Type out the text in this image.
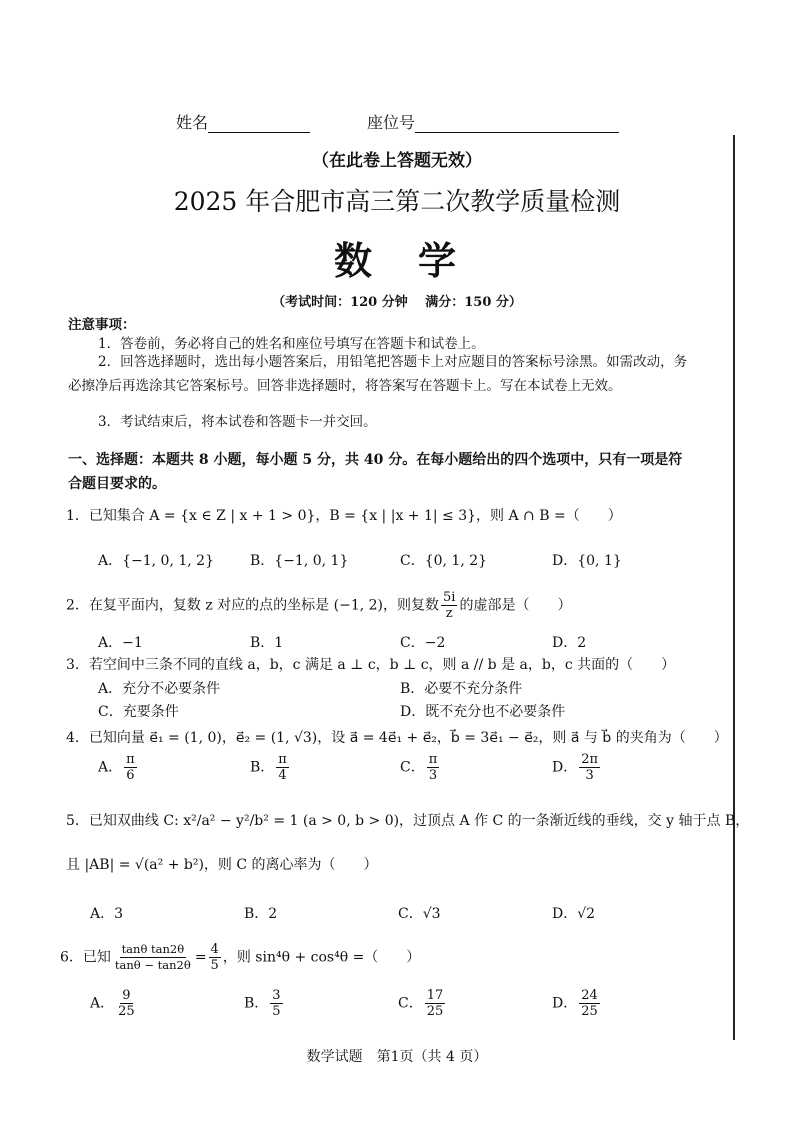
姓名	座位号
（在此卷上答题无效）
2025 年合肥市高三第二次教学质量检测
数　学
（考试时间：120 分钟　 满分：150 分）
注意事项：
1．答卷前，务必将自己的姓名和座位号填写在答题卡和试卷上。
2．回答选择题时，选出每小题答案后，用铅笔把答题卡上对应题目的答案标号涂黑。如需改动，务必擦净后再选涂其它答案标号。回答非选择题时，将答案写在答题卡上。写在本试卷上无效。
3．考试结束后，将本试卷和答题卡一并交回。
一、选择题：本题共 8 小题，每小题 5 分，共 40 分。在每小题给出的四个选项中，只有一项是符合题目要求的。
1．已知集合 A = {x ∈ Z | x + 1 > 0}，B = {x | |x + 1| ≤ 3}，则 A ∩ B =（　　）
A．{−1, 0, 1, 2}	B．{−1, 0, 1}	C．{0, 1, 2}	D．{0, 1}
2．在复平面内，复数 z 对应的点的坐标是 (−1, 2)，则复数 $\frac{5i}{z}$ 的虚部是（　　）
A．−1	B．1	C．−2	D．2
3．若空间中三条不同的直线 a，b，c 满足 a ⊥ c，b ⊥ c，则 a // b 是 a，b，c 共面的（　　）
A．充分不必要条件	B．必要不充分条件
C．充要条件	D．既不充分也不必要条件
4．已知向量 e⃗₁ = (1, 0)，e⃗₂ = (1, √3)，设 a⃗ = 4e⃗₁ + e⃗₂，b⃗ = 3e⃗₁ − e⃗₂，则 a⃗ 与 b⃗ 的夹角为（　　）
A． $\frac{\pi}{6}$	B． $\frac{\pi}{4}$	C． $\frac{\pi}{3}$	D． $\frac{2\pi}{3}$
5．已知双曲线 C: x²/a² − y²/b² = 1 (a > 0, b > 0)，过顶点 A 作 C 的一条渐近线的垂线，交 y 轴于点 B，
且 |AB| = √(a² + b²)，则 C 的离心率为（　　）
A．3	B．2	C．√3	D．√2
6．已知 $\frac{\text{tanθ tan2θ}}{\tan\theta - \tan 2\theta} = \frac{4}{5}$ ，则 sin⁴θ + cos⁴θ =（　　）
A． $\frac{9}{25}$	B． $\frac{3}{5}$	C． $\frac{17}{25}$	D． $\frac{24}{25}$
数学试题　第1页（共 4 页）
